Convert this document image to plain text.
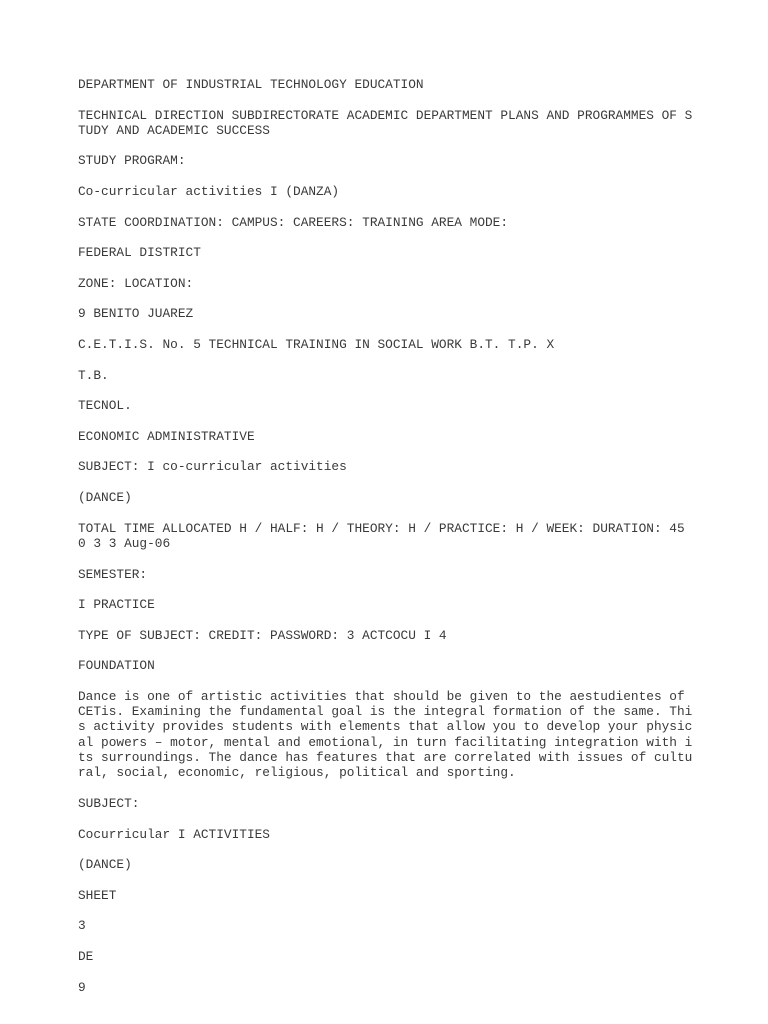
DEPARTMENT OF INDUSTRIAL TECHNOLOGY EDUCATION
TECHNICAL DIRECTION SUBDIRECTORATE ACADEMIC DEPARTMENT PLANS AND PROGRAMMES OF S
TUDY AND ACADEMIC SUCCESS
STUDY PROGRAM:
Co-curricular activities I (DANZA)
STATE COORDINATION: CAMPUS: CAREERS: TRAINING AREA MODE:
FEDERAL DISTRICT
ZONE: LOCATION:
9 BENITO JUAREZ
C.E.T.I.S. No. 5 TECHNICAL TRAINING IN SOCIAL WORK B.T. T.P. X
T.B.
TECNOL.
ECONOMIC ADMINISTRATIVE
SUBJECT: I co-curricular activities
(DANCE)
TOTAL TIME ALLOCATED H / HALF: H / THEORY: H / PRACTICE: H / WEEK: DURATION: 45
0 3 3 Aug-06
SEMESTER:
I PRACTICE
TYPE OF SUBJECT: CREDIT: PASSWORD: 3 ACTCOCU I 4
FOUNDATION
Dance is one of artistic activities that should be given to the aestudientes of
CETis. Examining the fundamental goal is the integral formation of the same. Thi
s activity provides students with elements that allow you to develop your physic
al powers – motor, mental and emotional, in turn facilitating integration with i
ts surroundings. The dance has features that are correlated with issues of cultu
ral, social, economic, religious, political and sporting.
SUBJECT:
Cocurricular I ACTIVITIES
(DANCE)
SHEET
3
DE
9
